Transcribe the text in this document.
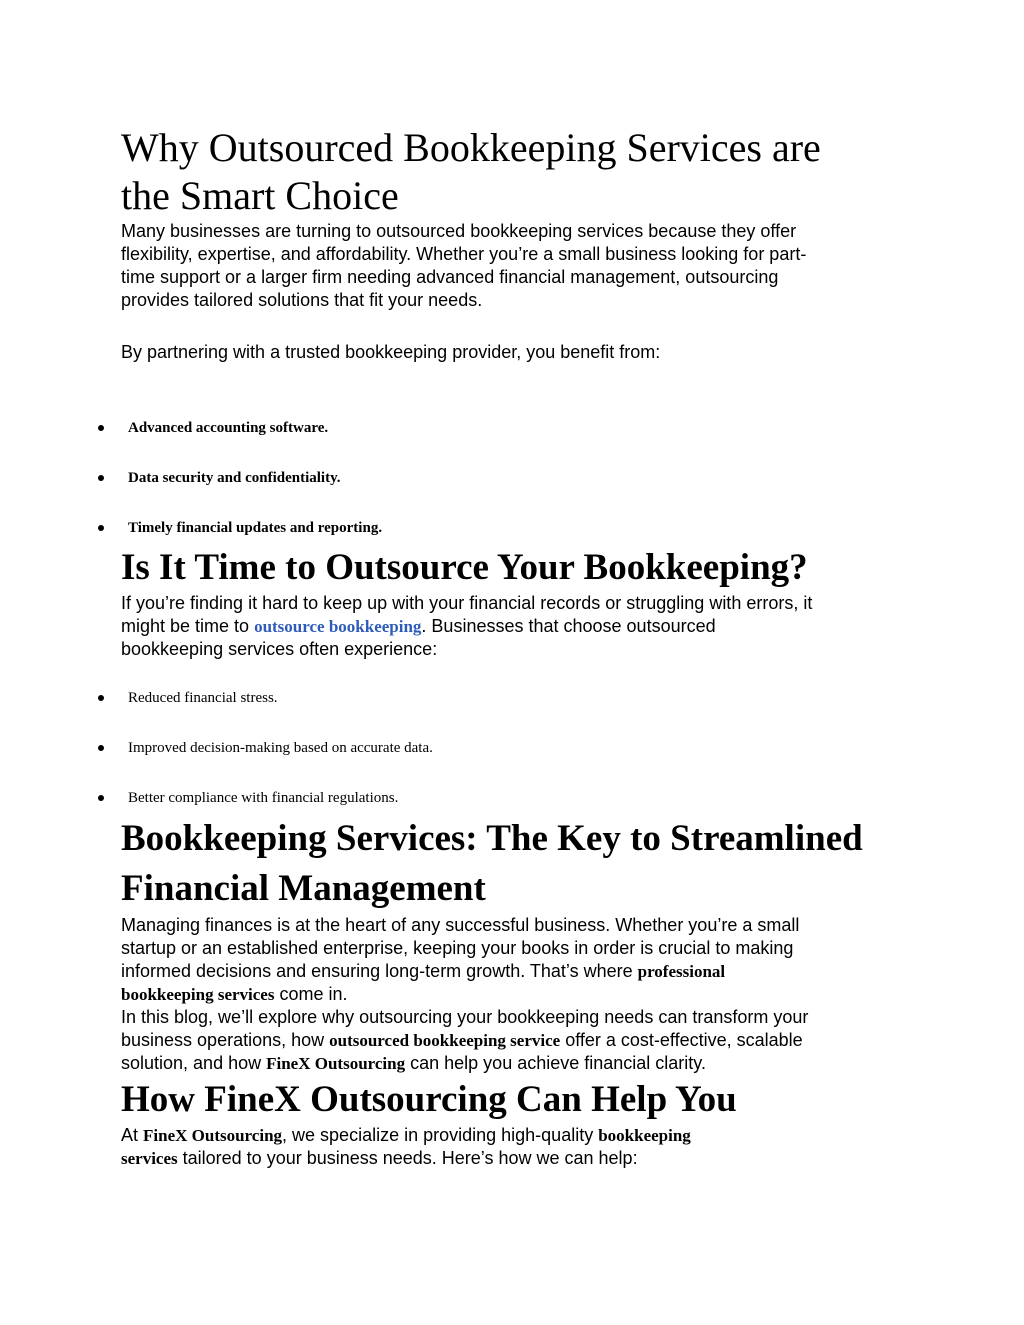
Why Outsourced Bookkeeping Services are
the Smart Choice

Many businesses are turning to outsourced bookkeeping services because they offer
flexibility, expertise, and affordability. Whether you’re a small business looking for part-
time support or a larger firm needing advanced financial management, outsourcing
provides tailored solutions that fit your needs.

By partnering with a trusted bookkeeping provider, you benefit from:

Advanced accounting software.
Data security and confidentiality.
Timely financial updates and reporting.
Is It Time to Outsource Your Bookkeeping?

If you’re finding it hard to keep up with your financial records or struggling with errors, it
might be time to outsource bookkeeping. Businesses that choose outsourced
bookkeeping services often experience:

Reduced financial stress.
Improved decision-making based on accurate data.
Better compliance with financial regulations.
Bookkeeping Services: The Key to Streamlined
Financial Management

Managing finances is at the heart of any successful business. Whether you’re a small
startup or an established enterprise, keeping your books in order is crucial to making
informed decisions and ensuring long-term growth. That’s where professional
bookkeeping services come in.
In this blog, we’ll explore why outsourcing your bookkeeping needs can transform your
business operations, how outsourced bookkeeping service offer a cost-effective, scalable
solution, and how FineX Outsourcing can help you achieve financial clarity.

How FineX Outsourcing Can Help You

At FineX Outsourcing, we specialize in providing high-quality bookkeeping
services tailored to your business needs. Here’s how we can help:
